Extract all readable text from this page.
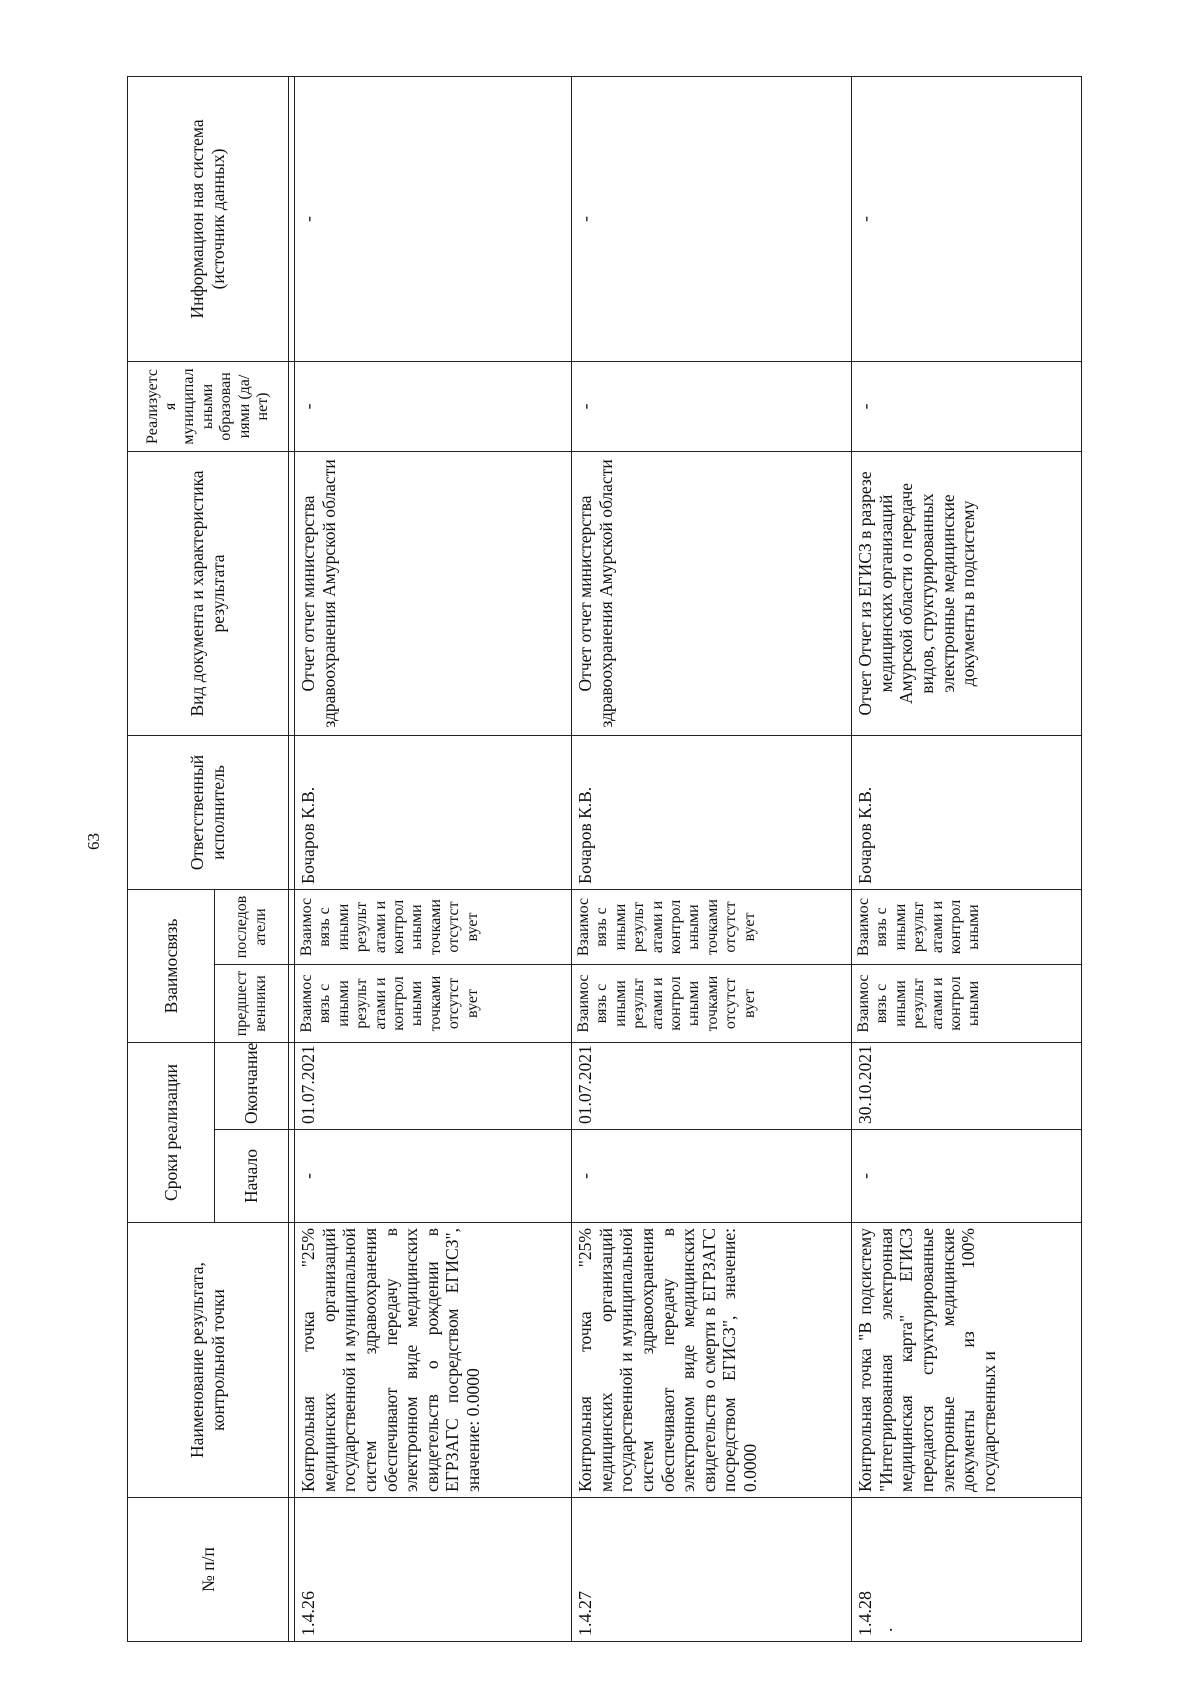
63
№ п/п	Наименование результата, контрольной точки	Сроки реализации		Взаимосвязь		Ответственный исполнитель	Вид документа и характеристика результата	Реализуетс я муниципал ьными образован иями (да/нет)	Информацион ная система (источник данных)
		Начало	Окончание	предшест венники	последов атели				

1.4.26	Контрольная точка "25% медицинских организаций государственной и муниципальной систем здравоохранения обеспечивают передачу в электронном виде медицинских свидетельств о рождении в ЕГРЗАГС посредством ЕГИСЗ", значение: 0.0000	-	01.07.2021	Взаимос вязь с иными результ атами и контрол ьными точками отсутст вует	Взаимос вязь с иными результ атами и контрол ьными точками отсутст вует	Бочаров К.В.	Отчет отчет министерства здравоохранения Амурской области	-	-
1.4.27	Контрольная точка "25% медицинских организаций государственной и муниципальной систем здравоохранения обеспечивают передачу в электронном виде медицинских свидетельств о смерти в ЕГРЗАГС посредством ЕГИСЗ", значение: 0.0000	-	01.07.2021	Взаимос вязь с иными результ атами и контрол ьными точками отсутст вует	Взаимос вязь с иными результ атами и контрол ьными точками отсутст вует	Бочаров К.В.	Отчет отчет министерства здравоохранения Амурской области	-	-
1.4.28 .	Контрольная точка "В подсистему "Интегрированная электронная медицинская карта" ЕГИСЗ передаются структурированные электронные медицинские документы из 100% государственных и	-	30.10.2021	Взаимос вязь с иными результ атами и контрол ьными	Взаимос вязь с иными результ атами и контрол ьными	Бочаров К.В.	Отчет Отчет из ЕГИСЗ в разрезе медицинских организаций Амурской области о передаче видов, структурированных электронные медицинские документы в подсистему	-	-
